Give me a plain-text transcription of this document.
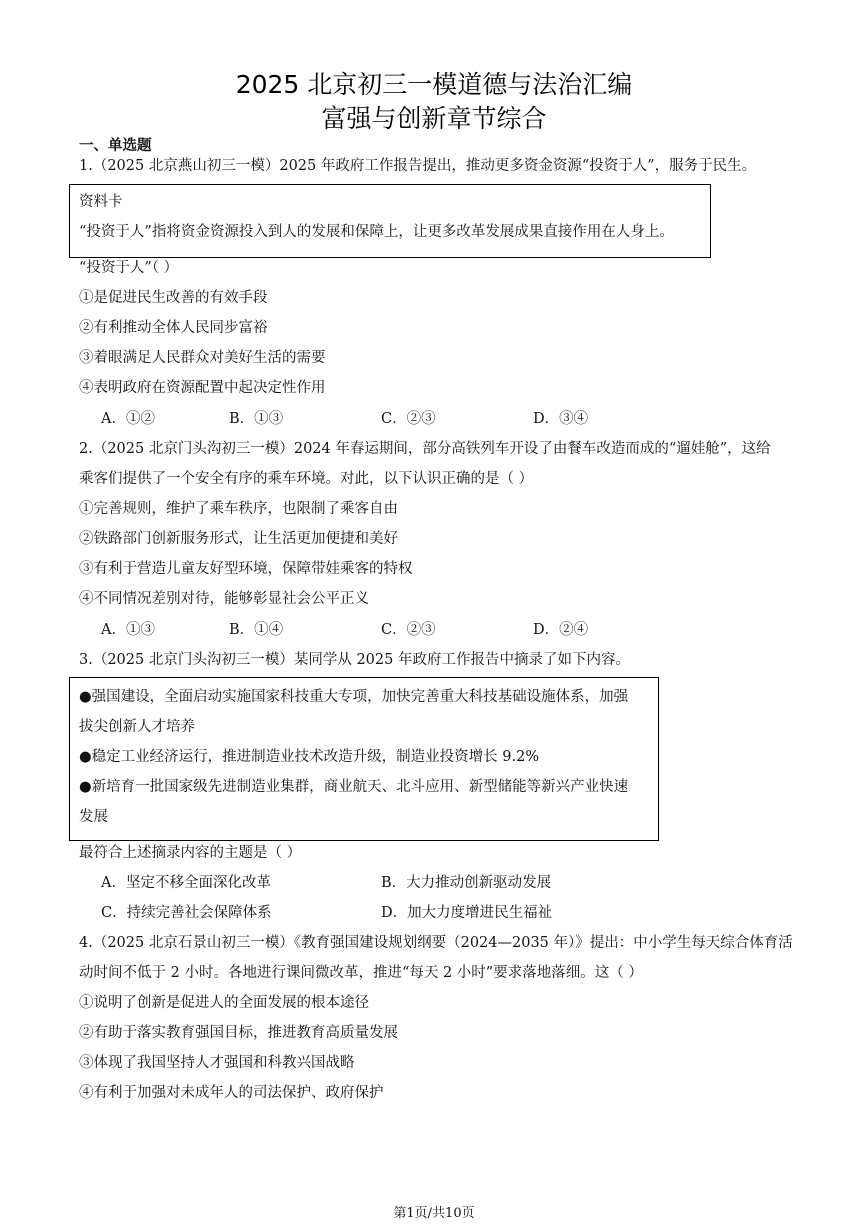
2025 北京初三一模道德与法治汇编
富强与创新章节综合
一、单选题
1.（2025 北京燕山初三一模）2025 年政府工作报告提出，推动更多资金资源“投资于人”，服务于民生。
资料卡
“投资于人”指将资金资源投入到人的发展和保障上，让更多改革发展成果直接作用在人身上。
“投资于人”（ ）
①是促进民生改善的有效手段
②有利推动全体人民同步富裕
③着眼满足人民群众对美好生活的需要
④表明政府在资源配置中起决定性作用
A．①②	B．①③	C．②③	D．③④
2.（2025 北京门头沟初三一模）2024 年春运期间，部分高铁列车开设了由餐车改造而成的“遛娃舱”，这给
乘客们提供了一个安全有序的乘车环境。对此，以下认识正确的是（ ）
①完善规则，维护了乘车秩序，也限制了乘客自由
②铁路部门创新服务形式，让生活更加便捷和美好
③有利于营造儿童友好型环境，保障带娃乘客的特权
④不同情况差别对待，能够彰显社会公平正义
A．①③	B．①④	C．②③	D．②④
3.（2025 北京门头沟初三一模）某同学从 2025 年政府工作报告中摘录了如下内容。
●强国建设，全面启动实施国家科技重大专项，加快完善重大科技基础设施体系，加强
拔尖创新人才培养
●稳定工业经济运行，推进制造业技术改造升级，制造业投资增长 9.2%
●新培育一批国家级先进制造业集群，商业航天、北斗应用、新型储能等新兴产业快速
发展
最符合上述摘录内容的主题是（ ）
A．坚定不移全面深化改革	B．大力推动创新驱动发展
C．持续完善社会保障体系	D．加大力度增进民生福祉
4.（2025 北京石景山初三一模）《教育强国建设规划纲要（2024—2035 年）》提出：中小学生每天综合体育活
动时间不低于 2 小时。各地进行课间微改革，推进“每天 2 小时”要求落地落细。这（ ）
①说明了创新是促进人的全面发展的根本途径
②有助于落实教育强国目标，推进教育高质量发展
③体现了我国坚持人才强国和科教兴国战略
④有利于加强对未成年人的司法保护、政府保护
第1页/共10页
